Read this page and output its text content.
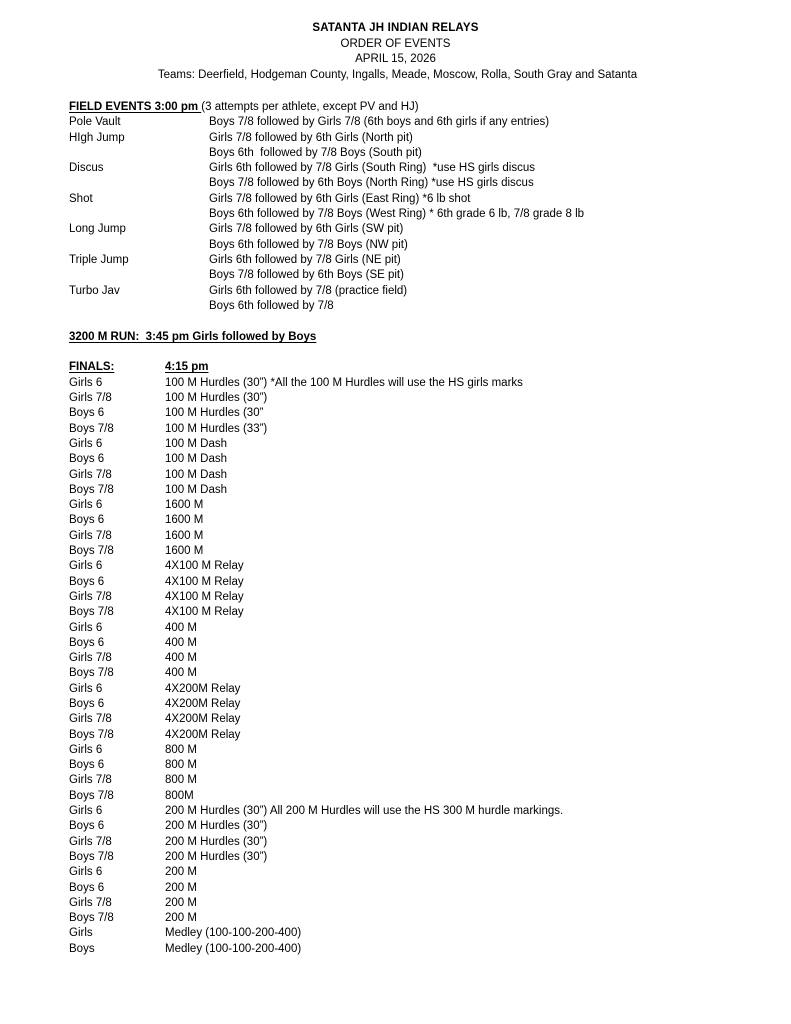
SATANTA JH INDIAN RELAYS
ORDER OF EVENTS
APRIL 15, 2026
Teams: Deerfield, Hodgeman County, Ingalls, Meade, Moscow, Rolla, South Gray and Satanta
FIELD EVENTS 3:00 pm (3 attempts per athlete, except PV and HJ)
Pole Vault	Boys 7/8 followed by Girls 7/8 (6th boys and 6th girls if any entries)
HIgh Jump	Girls 7/8 followed by 6th Girls (North pit)
Boys 6th  followed by 7/8 Boys (South pit)
Discus	Girls 6th followed by 7/8 Girls (South Ring)  *use HS girls discus
Boys 7/8 followed by 6th Boys (North Ring) *use HS girls discus
Shot	Girls 7/8 followed by 6th Girls (East Ring) *6 lb shot
Boys 6th followed by 7/8 Boys (West Ring) * 6th grade 6 lb, 7/8 grade 8 lb
Long Jump	Girls 7/8 followed by 6th Girls (SW pit)
Boys 6th followed by 7/8 Boys (NW pit)
Triple Jump	Girls 6th followed by 7/8 Girls (NE pit)
Boys 7/8 followed by 6th Boys (SE pit)
Turbo Jav	Girls 6th followed by 7/8 (practice field)
Boys 6th followed by 7/8
3200 M RUN:  3:45 pm Girls followed by Boys
FINALS:	4:15 pm
Girls 6	100 M Hurdles (30”) *All the 100 M Hurdles will use the HS girls marks
Girls 7/8	100 M Hurdles (30”)
Boys 6	100 M Hurdles (30”
Boys 7/8	100 M Hurdles (33”)
Girls 6	100 M Dash
Boys 6	100 M Dash
Girls 7/8	100 M Dash
Boys 7/8	100 M Dash
Girls 6	1600 M
Boys 6	1600 M
Girls 7/8	1600 M
Boys 7/8	1600 M
Girls 6	4X100 M Relay
Boys 6	4X100 M Relay
Girls 7/8	4X100 M Relay
Boys 7/8	4X100 M Relay
Girls 6	400 M
Boys 6	400 M
Girls 7/8	400 M
Boys 7/8	400 M
Girls 6	4X200M Relay
Boys 6	4X200M Relay
Girls 7/8	4X200M Relay
Boys 7/8	4X200M Relay
Girls 6	800 M
Boys 6	800 M
Girls 7/8	800 M
Boys 7/8	800M
Girls 6	200 M Hurdles (30”) All 200 M Hurdles will use the HS 300 M hurdle markings.
Boys 6	200 M Hurdles (30”)
Girls 7/8	200 M Hurdles (30”)
Boys 7/8	200 M Hurdles (30”)
Girls 6	200 M
Boys 6	200 M
Girls 7/8	200 M
Boys 7/8	200 M
Girls	Medley (100-100-200-400)
Boys	Medley (100-100-200-400)
